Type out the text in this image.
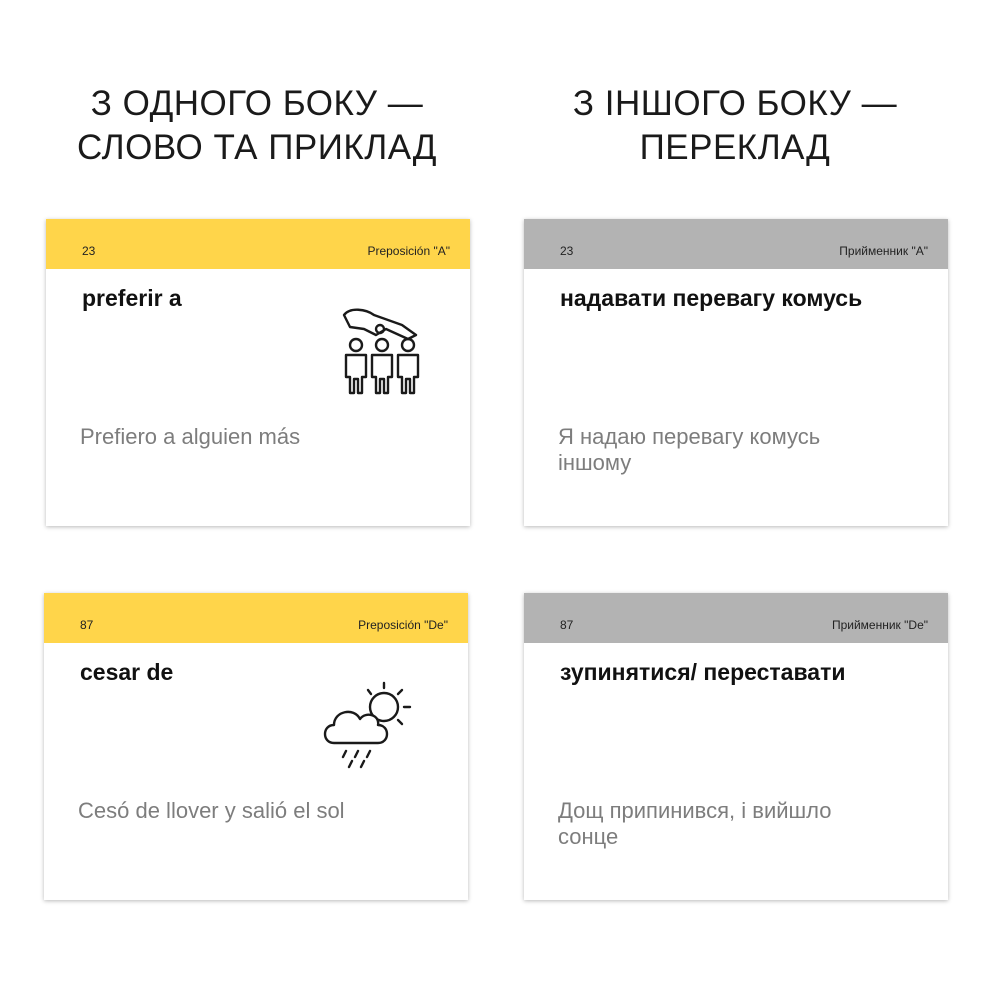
З ОДНОГО БОКУ —
СЛОВО ТА ПРИКЛАД
З ІНШОГО БОКУ —
ПЕРЕКЛАД
23	Preposición "A"
preferir a
Prefiero a alguien más
23	Прийменник "А"
надавати перевагу комусь
Я надаю перевагу комусь іншому
87	Preposición "De"
cesar de
Cesó de llover y salió el sol
87	Прийменник "De"
зупинятися/ переставати
Дощ припинився, і вийшло сонце
